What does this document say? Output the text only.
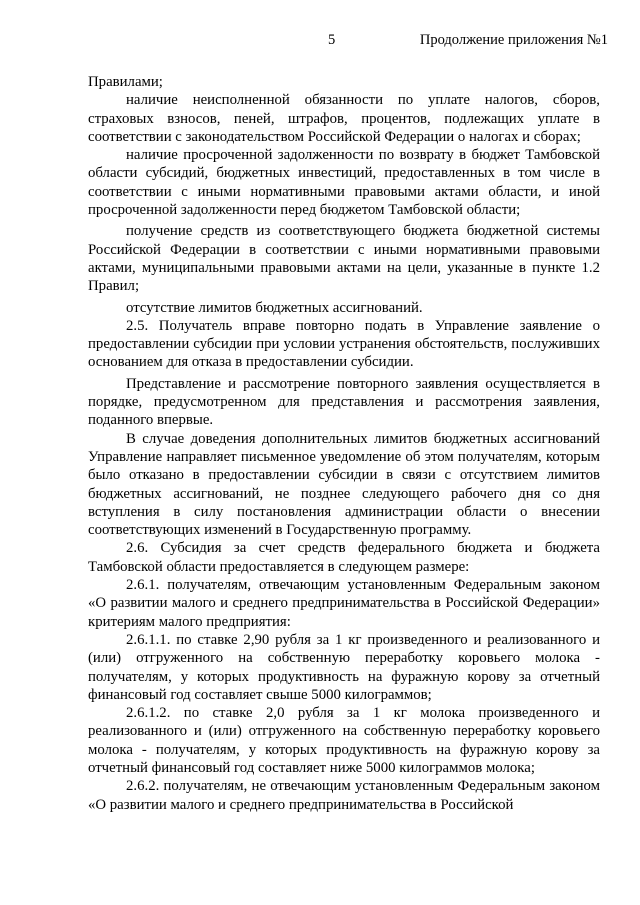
5	Продолжение приложения №1

Правилами;

наличие неисполненной обязанности по уплате налогов, сборов, страховых взносов, пеней, штрафов, процентов, подлежащих уплате в соответствии с законодательством Российской Федерации о налогах и сборах;

наличие просроченной задолженности по возврату в бюджет Тамбовской области субсидий, бюджетных инвестиций, предоставленных в том числе в соответствии с иными нормативными правовыми актами области, и иной просроченной задолженности перед бюджетом Тамбовской области;

получение средств из соответствующего бюджета бюджетной системы Российской Федерации в соответствии с иными нормативными правовыми актами, муниципальными правовыми актами на цели, указанные в пункте 1.2 Правил;

отсутствие лимитов бюджетных ассигнований.

2.5. Получатель вправе повторно подать в Управление заявление о предоставлении субсидии при условии устранения обстоятельств, послуживших основанием для отказа в предоставлении субсидии.

Представление и рассмотрение повторного заявления осуществляется в порядке, предусмотренном для представления и рассмотрения заявления, поданного впервые.

В случае доведения дополнительных лимитов бюджетных ассигнований Управление направляет письменное уведомление об этом получателям, которым было отказано в предоставлении субсидии в связи с отсутствием лимитов бюджетных ассигнований, не позднее следующего рабочего дня со дня вступления в силу постановления администрации области о внесении соответствующих изменений в Государственную программу.

2.6. Субсидия за счет средств федерального бюджета и бюджета Тамбовской области предоставляется в следующем размере:

2.6.1. получателям, отвечающим установленным Федеральным законом «О развитии малого и среднего предпринимательства в Российской Федерации» критериям малого предприятия:

2.6.1.1. по ставке 2,90 рубля за 1 кг произведенного и реализованного и (или) отгруженного на собственную переработку коровьего молока - получателям, у которых продуктивность на фуражную корову за отчетный финансовый год составляет свыше 5000 килограммов;

2.6.1.2. по ставке 2,0 рубля за 1 кг молока произведенного и реализованного и (или) отгруженного на собственную переработку коровьего молока - получателям, у которых продуктивность на фуражную корову за отчетный финансовый год составляет ниже 5000 килограммов молока;

2.6.2. получателям, не отвечающим установленным Федеральным законом «О развитии малого и среднего предпринимательства в Российской
